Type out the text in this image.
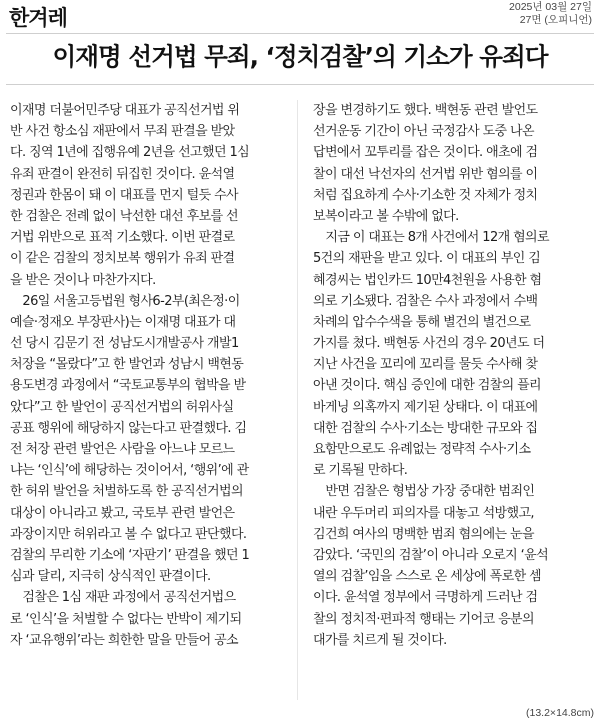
한겨레	2025년 03월 27일
27면 (오피니언)
이재명 선거법 무죄, ‘정치검찰’의 기소가 유죄다
이재명 더불어민주당 대표가 공직선거법 위
반 사건 항소심 재판에서 무죄 판결을 받았
다. 징역 1년에 집행유예 2년을 선고했던 1심
유죄 판결이 완전히 뒤집힌 것이다. 윤석열
정권과 한몸이 돼 이 대표를 먼지 털듯 수사
한 검찰은 전례 없이 낙선한 대선 후보를 선
거법 위반으로 표적 기소했다. 이번 판결로
이 같은 검찰의 정치보복 행위가 유죄 판결
을 받은 것이나 마찬가지다.
　26일 서울고등법원 형사6-2부(최은정·이
예슬·정재오 부장판사)는 이재명 대표가 대
선 당시 김문기 전 성남도시개발공사 개발1
처장을 “몰랐다”고 한 발언과 성남시 백현동
용도변경 과정에서 “국토교통부의 협박을 받
았다”고 한 발언이 공직선거법의 허위사실
공표 행위에 해당하지 않는다고 판결했다. 김
전 처장 관련 발언은 사람을 아느냐 모르느
냐는 ‘인식’에 해당하는 것이어서, ‘행위’에 관
한 허위 발언을 처벌하도록 한 공직선거법의
대상이 아니라고 봤고, 국토부 관련 발언은
과장이지만 허위라고 볼 수 없다고 판단했다.
검찰의 무리한 기소에 ‘자판기’ 판결을 했던 1
심과 달리, 지극히 상식적인 판결이다.
　검찰은 1심 재판 과정에서 공직선거법으
로 ‘인식’을 처벌할 수 없다는 반박이 제기되
자 ‘교유행위’라는 희한한 말을 만들어 공소
장을 변경하기도 했다. 백현동 관련 발언도
선거운동 기간이 아닌 국정감사 도중 나온
답변에서 꼬투리를 잡은 것이다. 애초에 검
찰이 대선 낙선자의 선거법 위반 혐의를 이
처럼 집요하게 수사·기소한 것 자체가 정치
보복이라고 볼 수밖에 없다.
　지금 이 대표는 8개 사건에서 12개 혐의로
5건의 재판을 받고 있다. 이 대표의 부인 김
혜경씨는 법인카드 10만4천원을 사용한 혐
의로 기소됐다. 검찰은 수사 과정에서 수백
차례의 압수수색을 통해 별건의 별건으로
가지를 쳤다. 백현동 사건의 경우 20년도 더
지난 사건을 꼬리에 꼬리를 물듯 수사해 찾
아낸 것이다. 핵심 증인에 대한 검찰의 플리
바게닝 의혹까지 제기된 상태다. 이 대표에
대한 검찰의 수사·기소는 방대한 규모와 집
요함만으로도 유례없는 정략적 수사·기소
로 기록될 만하다.
　반면 검찰은 형법상 가장 중대한 범죄인
내란 우두머리 피의자를 대놓고 석방했고,
김건희 여사의 명백한 범죄 혐의에는 눈을
감았다. ‘국민의 검찰’이 아니라 오로지 ‘윤석
열의 검찰’임을 스스로 온 세상에 폭로한 셈
이다. 윤석열 정부에서 극명하게 드러난 검
찰의 정치적·편파적 행태는 기어코 응분의
대가를 치르게 될 것이다.
(13.2×14.8cm)
